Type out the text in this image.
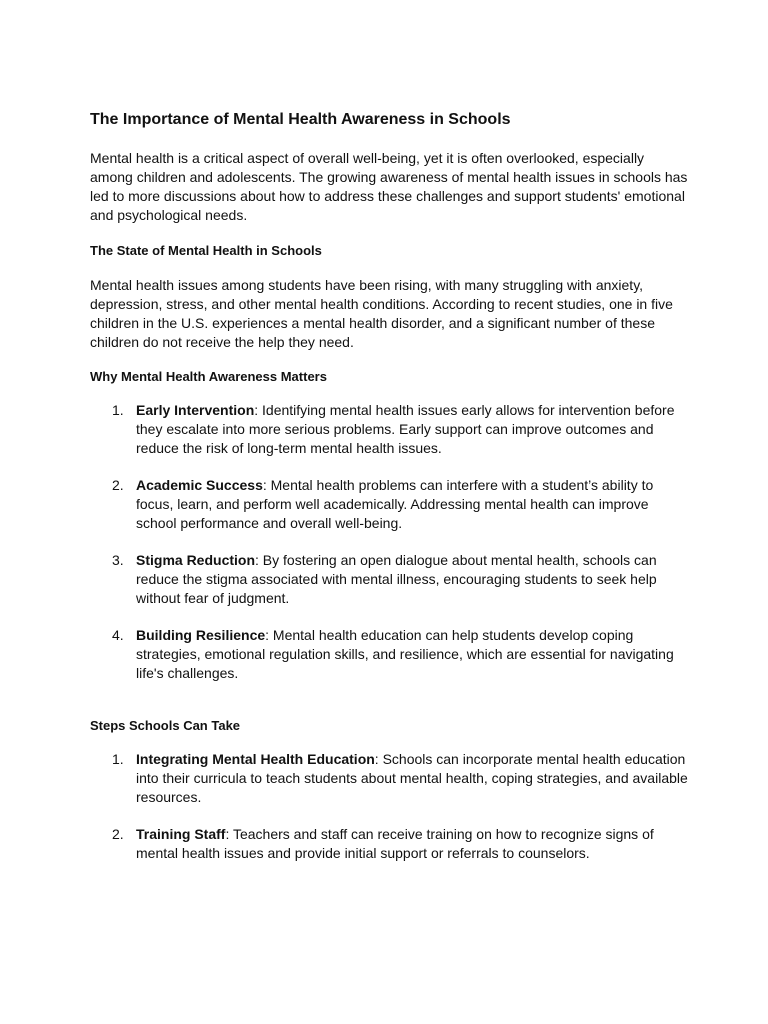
The Importance of Mental Health Awareness in Schools

Mental health is a critical aspect of overall well-being, yet it is often overlooked, especially among children and adolescents. The growing awareness of mental health issues in schools has led to more discussions about how to address these challenges and support students' emotional and psychological needs.

The State of Mental Health in Schools

Mental health issues among students have been rising, with many struggling with anxiety, depression, stress, and other mental health conditions. According to recent studies, one in five children in the U.S. experiences a mental health disorder, and a significant number of these children do not receive the help they need.

Why Mental Health Awareness Matters
1. Early Intervention: Identifying mental health issues early allows for intervention before they escalate into more serious problems. Early support can improve outcomes and reduce the risk of long-term mental health issues.
2. Academic Success: Mental health problems can interfere with a student’s ability to focus, learn, and perform well academically. Addressing mental health can improve school performance and overall well-being.
3. Stigma Reduction: By fostering an open dialogue about mental health, schools can reduce the stigma associated with mental illness, encouraging students to seek help without fear of judgment.
4. Building Resilience: Mental health education can help students develop coping strategies, emotional regulation skills, and resilience, which are essential for navigating life's challenges.
Steps Schools Can Take
1. Integrating Mental Health Education: Schools can incorporate mental health education into their curricula to teach students about mental health, coping strategies, and available resources.
2. Training Staff: Teachers and staff can receive training on how to recognize signs of mental health issues and provide initial support or referrals to counselors.
